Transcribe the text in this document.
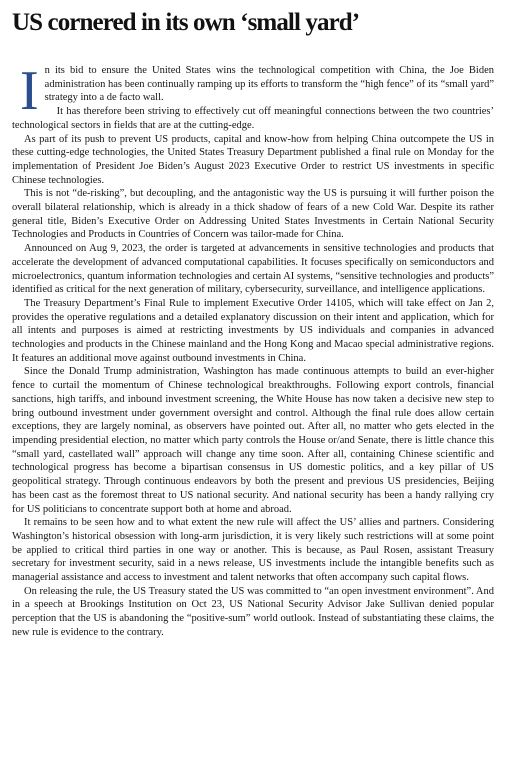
US cornered in its own ‘small yard’

In its bid to ensure the United States wins the technological competition with China, the Joe Biden administration has been continually ramping up its efforts to transform the “high fence” of its “small yard” strategy into a de facto wall.

It has therefore been striving to effectively cut off meaningful connections between the two countries’ technological sectors in fields that are at the cutting-edge.

As part of its push to prevent US products, capital and know-how from helping China outcompete the US in these cutting-edge technologies, the United States Treasury Department published a final rule on Monday for the implementation of President Joe Biden’s August 2023 Executive Order to restrict US investments in specific Chinese technologies.

This is not “de-risking”, but decoupling, and the antagonistic way the US is pursuing it will further poison the overall bilateral relationship, which is already in a thick shadow of fears of a new Cold War. Despite its rather general title, Biden’s Executive Order on Addressing United States Investments in Certain National Security Technologies and Products in Countries of Concern was tailor-made for China.

Announced on Aug 9, 2023, the order is targeted at advancements in sensitive technologies and products that accelerate the development of advanced computational capabilities. It focuses specifically on semiconductors and microelectronics, quantum information technologies and certain AI systems, “sensitive technologies and products” identified as critical for the next generation of military, cybersecurity, surveillance, and intelligence applications.

The Treasury Department’s Final Rule to implement Executive Order 14105, which will take effect on Jan 2, provides the operative regulations and a detailed explanatory discussion on their intent and application, which for all intents and purposes is aimed at restricting investments by US individuals and companies in advanced technologies and products in the Chinese mainland and the Hong Kong and Macao special administrative regions. It features an additional move against outbound investments in China.

Since the Donald Trump administration, Washington has made continuous attempts to build an ever-higher fence to curtail the momentum of Chinese technological breakthroughs. Following export controls, financial sanctions, high tariffs, and inbound investment screening, the White House has now taken a decisive new step to bring outbound investment under government oversight and control. Although the final rule does allow certain exceptions, they are largely nominal, as observers have pointed out. After all, no matter who gets elected in the impending presidential election, no matter which party controls the House or/and Senate, there is little chance this “small yard, castellated wall” approach will change any time soon. After all, containing Chinese scientific and technological progress has become a bipartisan consensus in US domestic politics, and a key pillar of US geopolitical strategy. Through continuous endeavors by both the present and previous US presidencies, Beijing has been cast as the foremost threat to US national security. And national security has been a handy rallying cry for US politicians to concentrate support both at home and abroad.

It remains to be seen how and to what extent the new rule will affect the US’ allies and partners. Considering Washington’s historical obsession with long-arm jurisdiction, it is very likely such restrictions will at some point be applied to critical third parties in one way or another. This is because, as Paul Rosen, assistant Treasury secretary for investment security, said in a news release, US investments include the intangible benefits such as managerial assistance and access to investment and talent networks that often accompany such capital flows.

On releasing the rule, the US Treasury stated the US was committed to “an open investment environment”. And in a speech at Brookings Institution on Oct 23, US National Security Advisor Jake Sullivan denied popular perception that the US is abandoning the “positive-sum” world outlook. Instead of substantiating these claims, the new rule is evidence to the contrary.
